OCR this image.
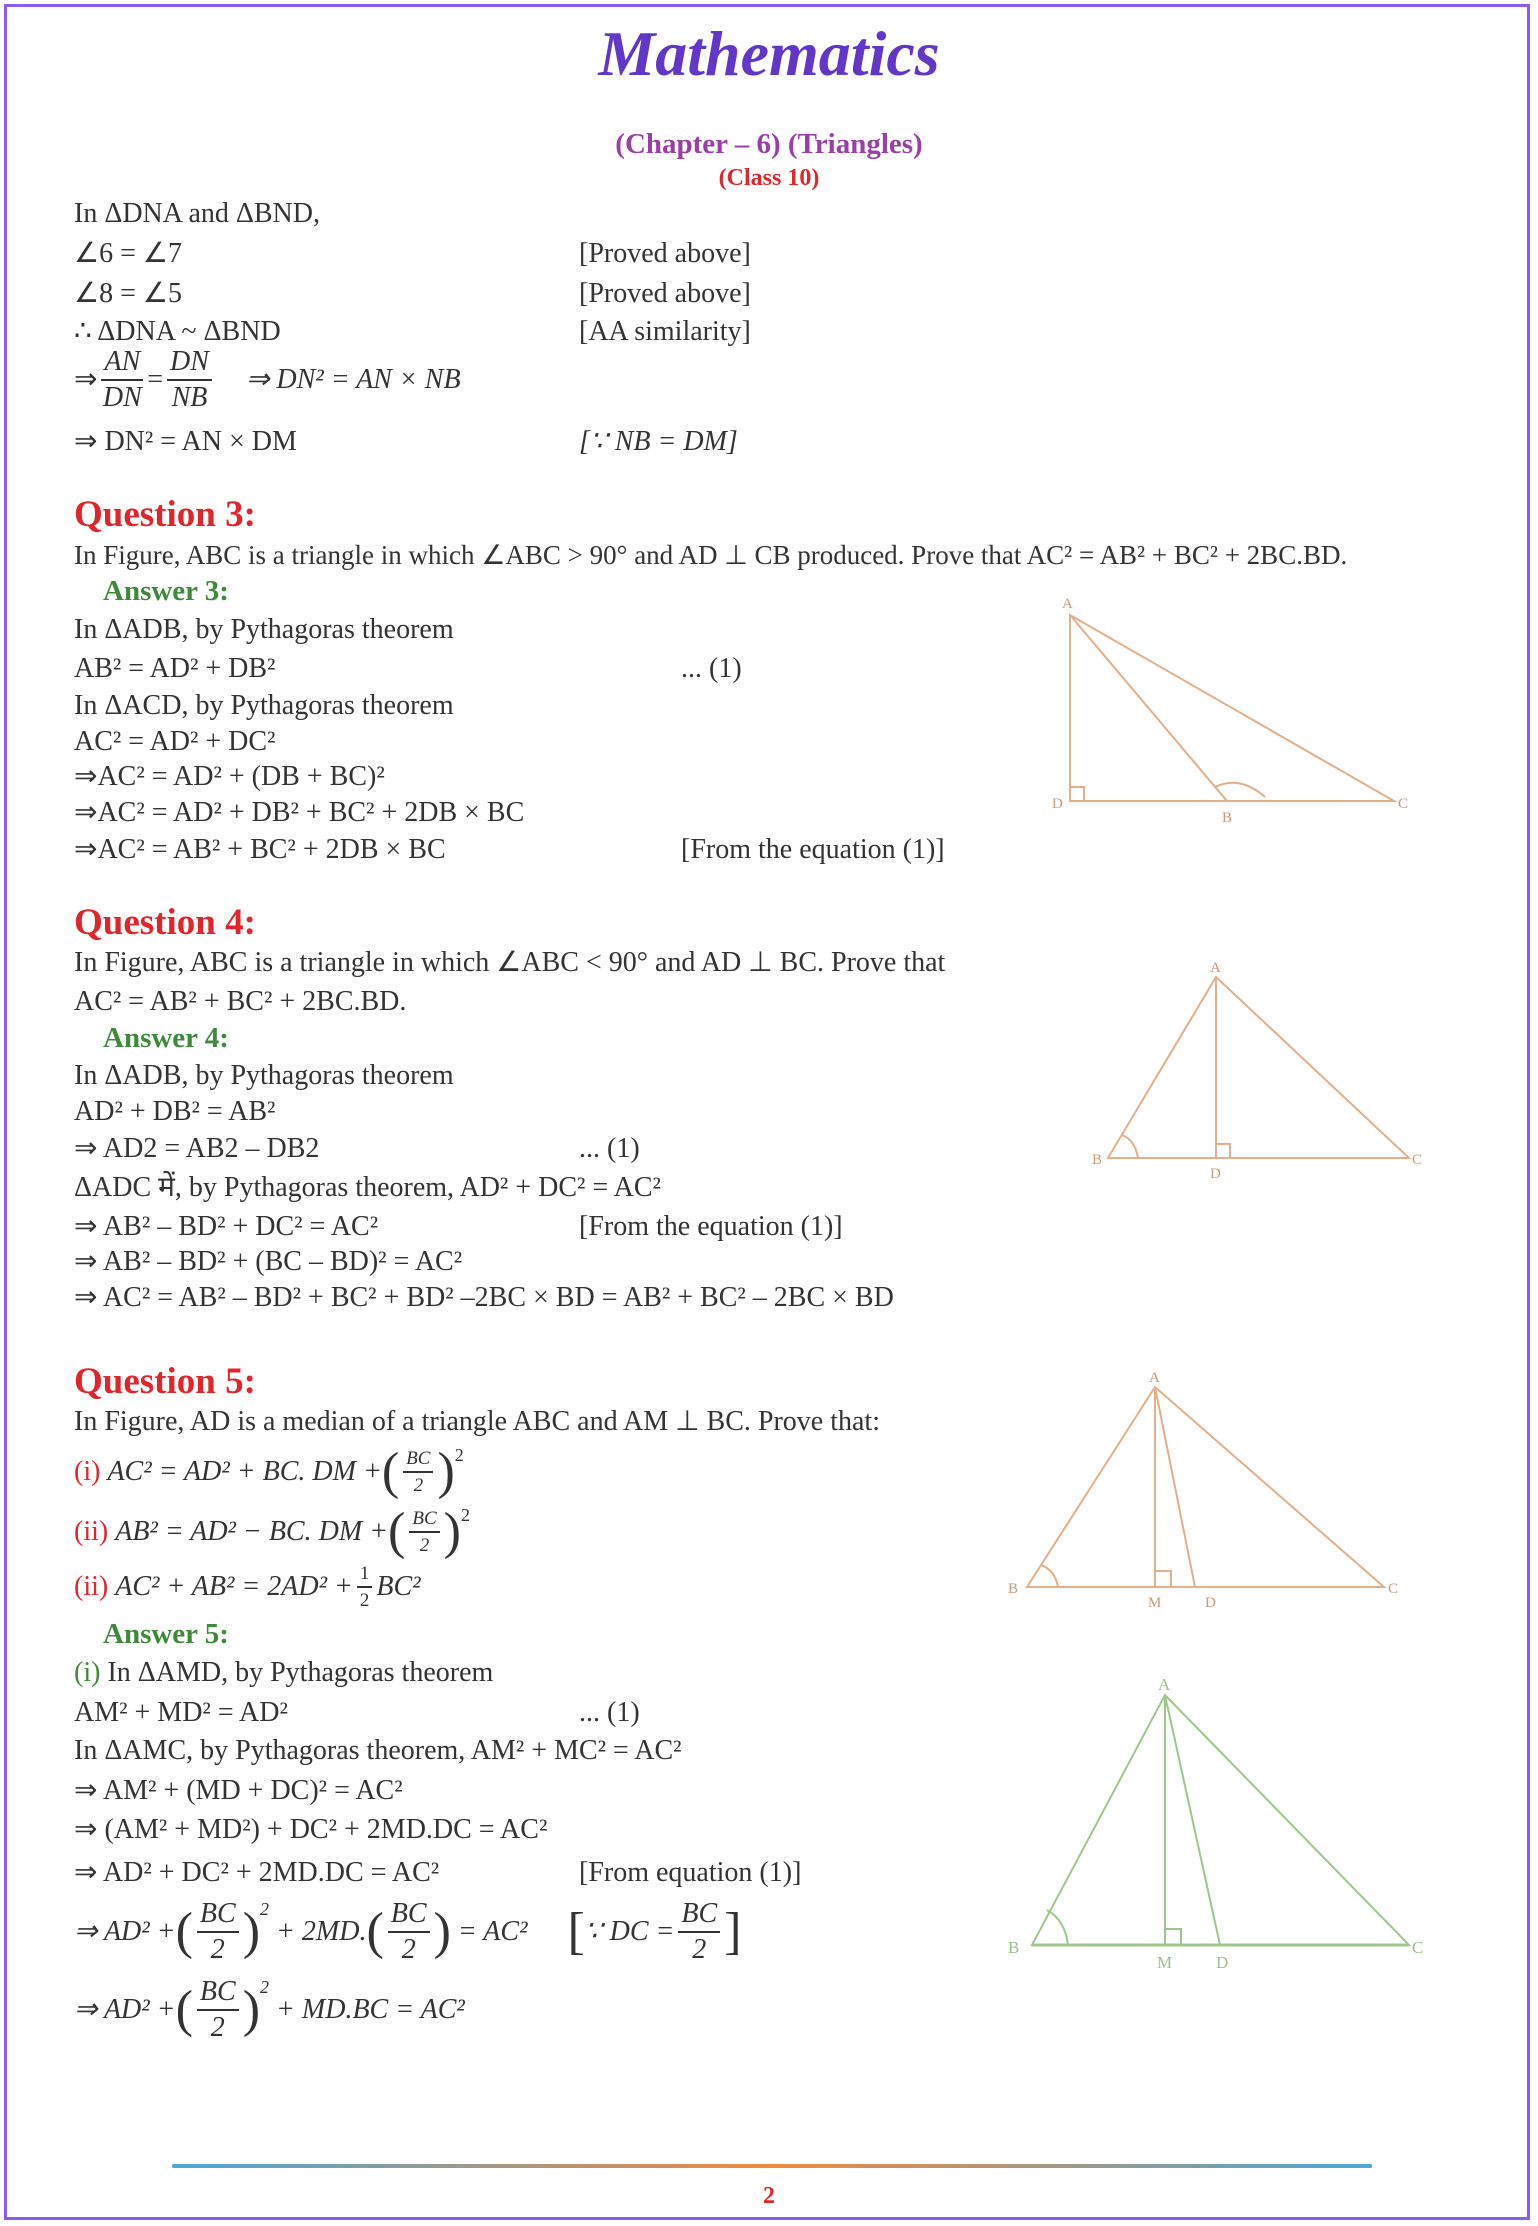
Mathematics
(Chapter – 6) (Triangles)
(Class 10)
In ΔDNA and ΔBND,
∠6 = ∠7	[Proved above]
∠8 = ∠5	[Proved above]
∴ ΔDNA ~ ΔBND	[AA similarity]
⇒ $\frac{AN}{DN} = \frac{DN}{NB}$ ⇒ DN² = AN × NB
⇒ DN² = AN × DM	[∵ NB = DM]
Question 3:
In Figure, ABC is a triangle in which ∠ABC > 90° and AD ⊥ CB produced. Prove that AC² = AB² + BC² + 2BC.BD.
Answer 3:
In ΔADB, by Pythagoras theorem
AB² = AD² + DB²	... (1)
In ΔACD, by Pythagoras theorem
AC² = AD² + DC²
⇒AC² = AD² + (DB + BC)²
⇒AC² = AD² + DB² + BC² + 2DB × BC
⇒AC² = AB² + BC² + 2DB × BC	[From the equation (1)]
Question 4:
In Figure, ABC is a triangle in which ∠ABC < 90° and AD ⊥ BC. Prove that
AC² = AB² + BC² + 2BC.BD.
Answer 4:
In ΔADB, by Pythagoras theorem
AD² + DB² = AB²
⇒ AD2 = AB2 – DB2	... (1)
ΔADC में, by Pythagoras theorem, AD² + DC² = AC²
⇒ AB² – BD² + DC² = AC²	[From the equation (1)]
⇒ AB² – BD² + (BC – BD)² = AC²
⇒ AC² = AB² – BD² + BC² + BD² –2BC × BD = AB² + BC² – 2BC × BD
Question 5:
In Figure, AD is a median of a triangle ABC and AM ⊥ BC. Prove that:
(i)
AC² = AD² + BC. DM + ( $\frac{BC}{2} )^2$
(ii)
AB² = AD² − BC. DM + ( $\frac{BC}{2} )^2$
(ii)
$AC^2 + AB^2 = 2AD^2 + \frac{1}{2} BC^2$
Answer 5:
(i) In ΔAMD, by Pythagoras theorem
AM² + MD² = AD²	... (1)
In ΔAMC, by Pythagoras theorem, AM² + MC² = AC²
⇒ AM² + (MD + DC)² = AC²
⇒ (AM² + MD²) + DC² + 2MD.DC = AC²
⇒ AD² + DC² + 2MD.DC = AC²	[From equation (1)]
⇒ AD² + ( $\frac{BC}{2} )^2$

+ 2MD. ( $\frac{BC}{2}$ )
= AC² [ ∵ DC = $\frac{BC}{2}$ ]
⇒ AD² + ( $\frac{BC}{2} )^2$

+ MD.BC = AC²
A
D
B
C
A
B
D
C
A
B
M	D
C
A
B
M	D
C
2
